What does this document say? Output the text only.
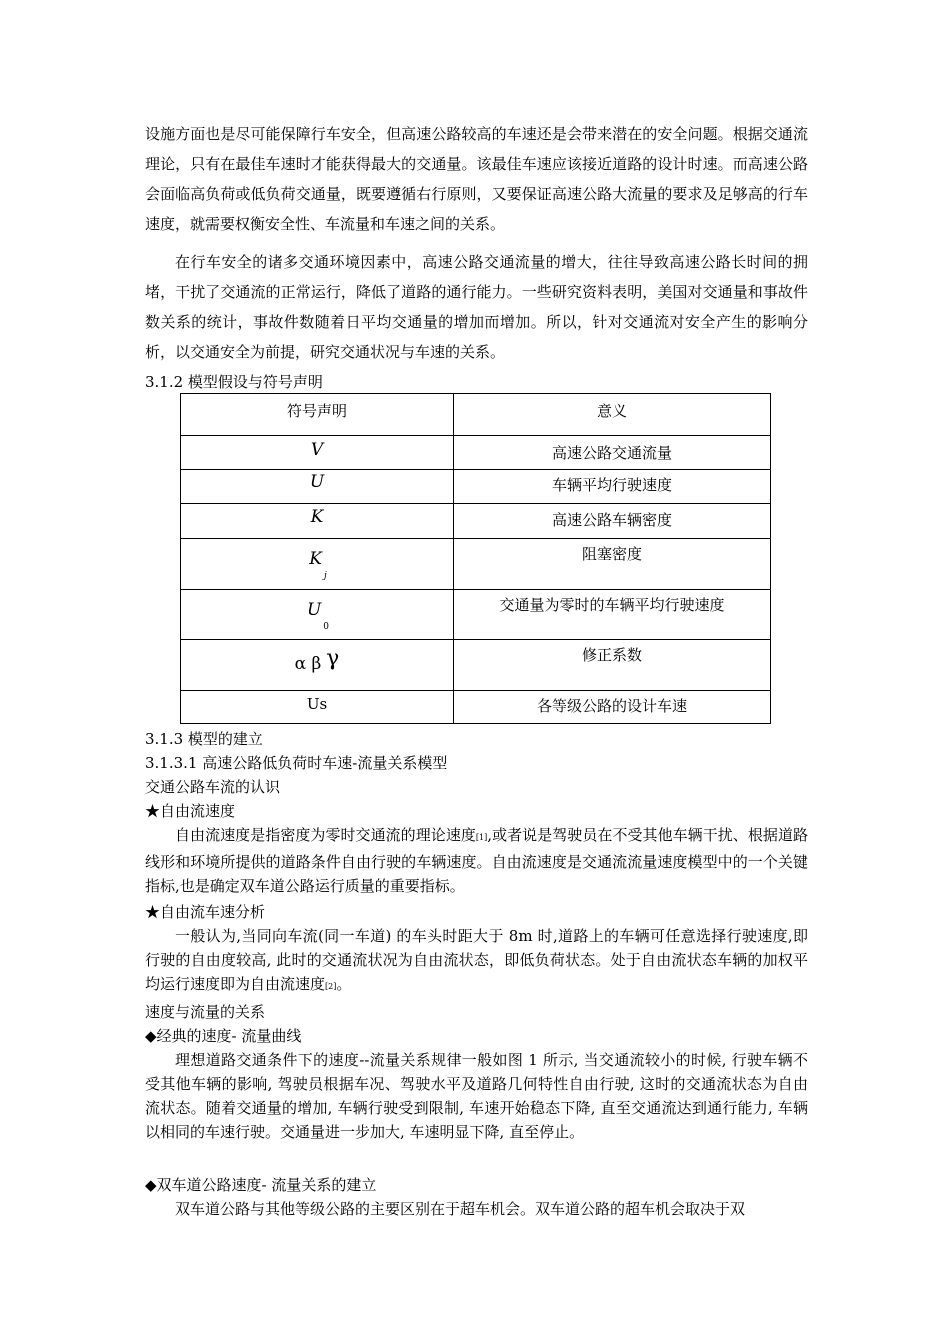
设施方面也是尽可能保障行车安全，但高速公路较高的车速还是会带来潜在的安全问题。根据交通流理论，只有在最佳车速时才能获得最大的交通量。该最佳车速应该接近道路的设计时速。而高速公路会面临高负荷或低负荷交通量，既要遵循右行原则，又要保证高速公路大流量的要求及足够高的行车速度，就需要权衡安全性、车流量和车速之间的关系。

在行车安全的诸多交通环境因素中，高速公路交通流量的增大，往往导致高速公路长时间的拥堵，干扰了交通流的正常运行，降低了道路的通行能力。一些研究资料表明，美国对交通量和事故件数关系的统计，事故件数随着日平均交通量的增加而增加。所以，针对交通流对安全产生的影响分析，以交通安全为前提，研究交通状况与车速的关系。

3.1.2 模型假设与符号声明
符号声明	意义
V	高速公路交通流量
U	车辆平均行驶速度
K	高速公路车辆密度
$K_j$	阻塞密度
$U_0$	交通量为零时的车辆平均行驶速度
α β γ	修正系数
Us	各等级公路的设计车速
3.1.3 模型的建立
3.1.3.1 高速公路低负荷时车速-流量关系模型
交通公路车流的认识
★自由流速度

自由流速度是指密度为零时交通流的理论速度[1],或者说是驾驶员在不受其他车辆干扰、根据道路线形和环境所提供的道路条件自由行驶的车辆速度。自由流速度是交通流流量速度模型中的一个关键指标,也是确定双车道公路运行质量的重要指标。

★自由流车速分析

一般认为,当同向车流(同一车道) 的车头时距大于 8m 时,道路上的车辆可任意选择行驶速度,即行驶的自由度较高, 此时的交通流状况为自由流状态，即低负荷状态。处于自由流状态车辆的加权平均运行速度即为自由流速度[2]。

速度与流量的关系
◆经典的速度- 流量曲线

理想道路交通条件下的速度--流量关系规律一般如图 1 所示, 当交通流较小的时候, 行驶车辆不受其他车辆的影响, 驾驶员根据车况、驾驶水平及道路几何特性自由行驶, 这时的交通流状态为自由流状态。随着交通量的增加, 车辆行驶受到限制, 车速开始稳态下降, 直至交通流达到通行能力, 车辆以相同的车速行驶。交通量进一步加大, 车速明显下降, 直至停止。

◆双车道公路速度- 流量关系的建立

双车道公路与其他等级公路的主要区别在于超车机会。双车道公路的超车机会取决于双
